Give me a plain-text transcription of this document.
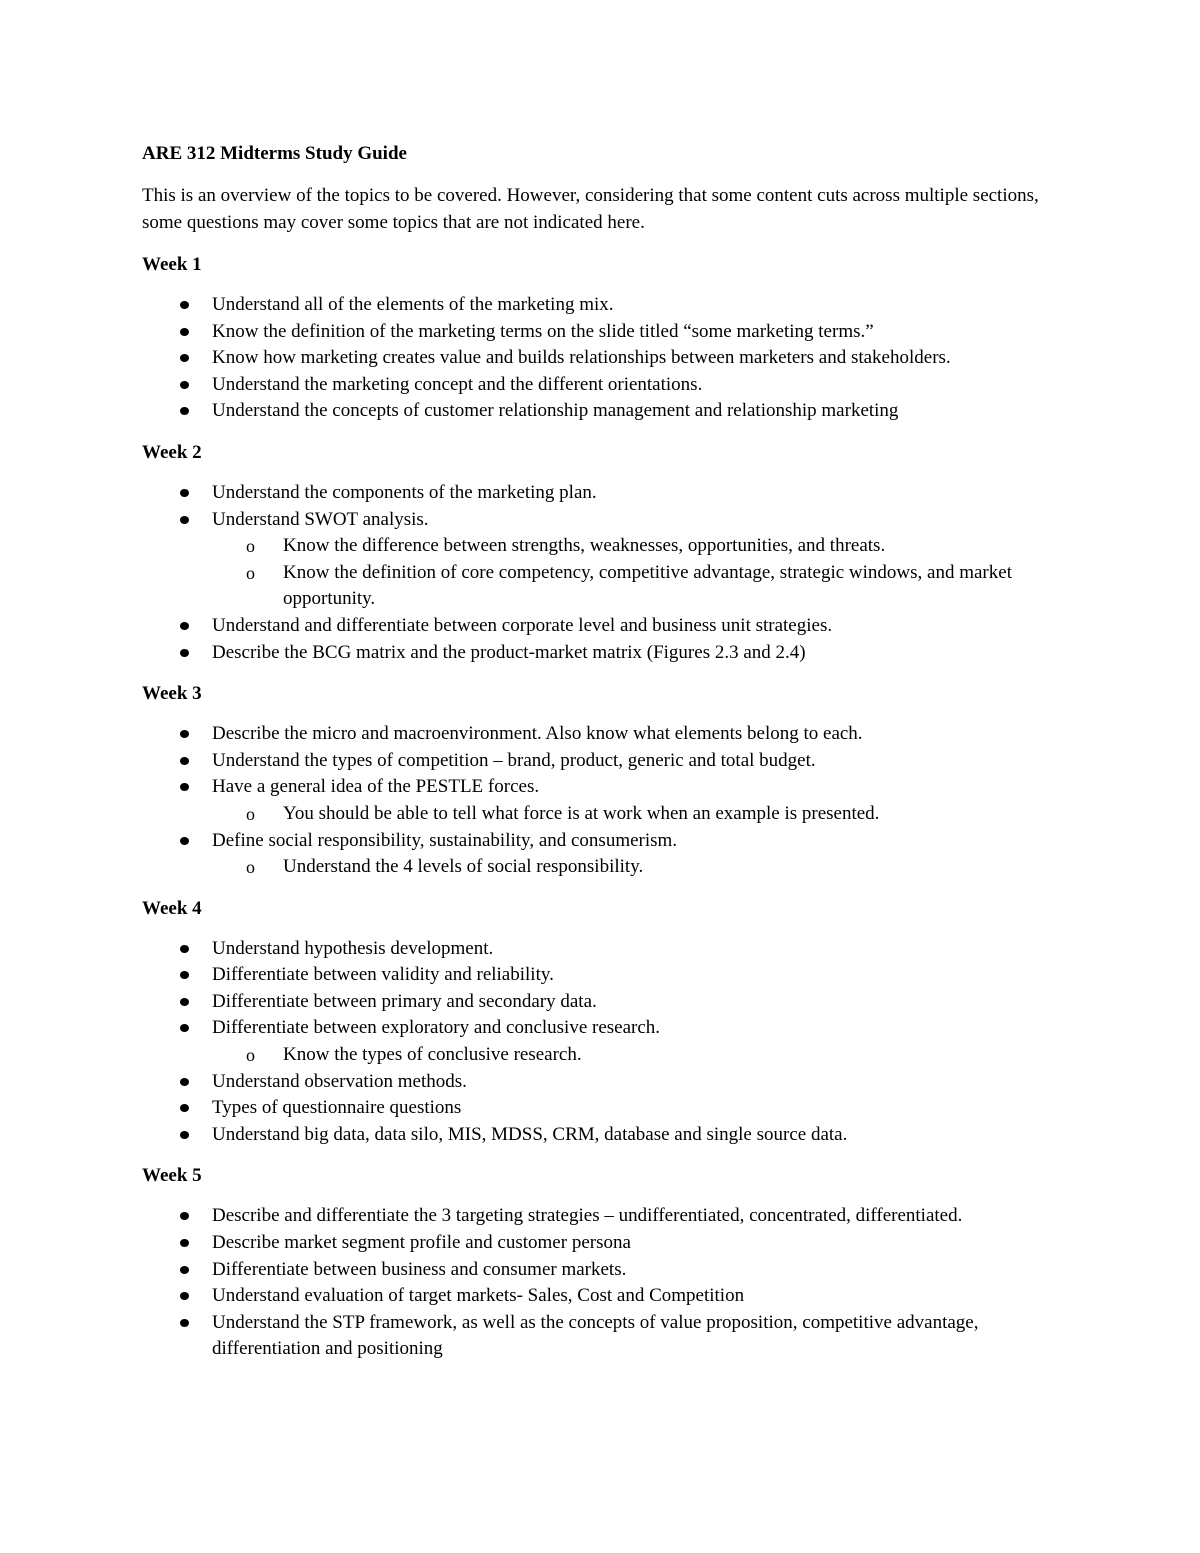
ARE 312 Midterms Study Guide
This is an overview of the topics to be covered. However, considering that some content cuts across multiple sections, some questions may cover some topics that are not indicated here.
Week 1
Understand all of the elements of the marketing mix.
Know the definition of the marketing terms on the slide titled “some marketing terms.”
Know how marketing creates value and builds relationships between marketers and stakeholders.
Understand the marketing concept and the different orientations.
Understand the concepts of customer relationship management and relationship marketing
Week 2
Understand the components of the marketing plan.
Understand SWOT analysis.
o Know the difference between strengths, weaknesses, opportunities, and threats.
o Know the definition of core competency, competitive advantage, strategic windows, and market opportunity.
Understand and differentiate between corporate level and business unit strategies.
Describe the BCG matrix and the product-market matrix (Figures 2.3 and 2.4)
Week 3
Describe the micro and macroenvironment. Also know what elements belong to each.
Understand the types of competition – brand, product, generic and total budget.
Have a general idea of the PESTLE forces.
o You should be able to tell what force is at work when an example is presented.
Define social responsibility, sustainability, and consumerism.
o Understand the 4 levels of social responsibility.
Week 4
Understand hypothesis development.
Differentiate between validity and reliability.
Differentiate between primary and secondary data.
Differentiate between exploratory and conclusive research.
o Know the types of conclusive research.
Understand observation methods.
Types of questionnaire questions
Understand big data, data silo, MIS, MDSS, CRM, database and single source data.
Week 5
Describe and differentiate the 3 targeting strategies – undifferentiated, concentrated, differentiated.
Describe market segment profile and customer persona
Differentiate between business and consumer markets.
Understand evaluation of target markets- Sales, Cost and Competition
Understand the STP framework, as well as the concepts of value proposition, competitive advantage, differentiation and positioning
